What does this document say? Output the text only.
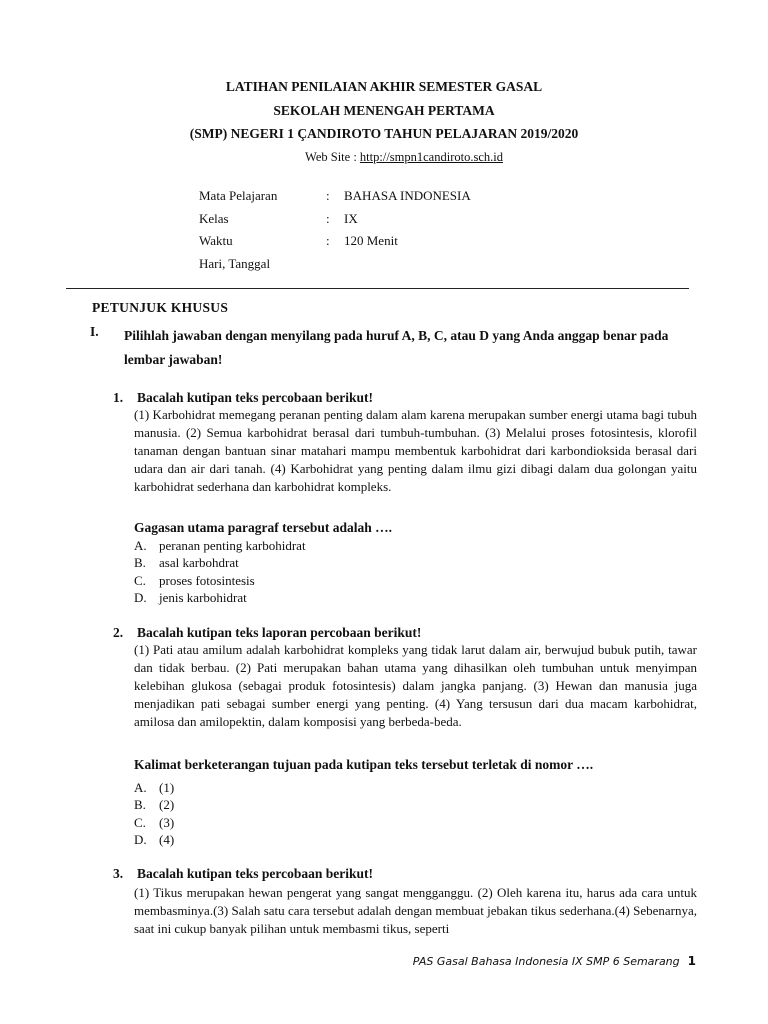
LATIHAN PENILAIAN AKHIR SEMESTER GASAL
SEKOLAH MENENGAH PERTAMA
(SMP) NEGERI 1 ÇANDIROTO TAHUN PELAJARAN 2019/2020
Web Site : http://smpn1candiroto.sch.id
Mata Pelajaran	: BAHASA INDONESIA
Kelas	: IX
Waktu	: 120 Menit
Hari, Tanggal
PETUNJUK KHUSUS
I. Pilihlah jawaban dengan menyilang pada huruf A, B, C, atau D yang Anda anggap benar pada lembar jawaban!
1. Bacalah kutipan teks percobaan berikut!
(1) Karbohidrat memegang peranan penting dalam alam karena merupakan sumber energi utama bagi tubuh manusia. (2) Semua karbohidrat berasal dari tumbuh-tumbuhan. (3) Melalui proses fotosintesis, klorofil tanaman dengan bantuan sinar matahari mampu membentuk karbohidrat dari karbondioksida berasal dari udara dan air dari tanah. (4) Karbohidrat yang penting dalam ilmu gizi dibagi dalam dua golongan yaitu karbohidrat sederhana dan karbohidrat kompleks.
Gagasan utama paragraf tersebut adalah ….
A. peranan penting karbohidrat
B. asal karbohdrat
C. proses fotosintesis
D. jenis karbohidrat
2. Bacalah kutipan teks laporan percobaan berikut!
(1) Pati atau amilum adalah karbohidrat kompleks yang tidak larut dalam air, berwujud bubuk putih, tawar dan tidak berbau. (2) Pati merupakan bahan utama yang dihasilkan oleh tumbuhan untuk menyimpan kelebihan glukosa (sebagai produk fotosintesis) dalam jangka panjang. (3) Hewan dan manusia juga menjadikan pati sebagai sumber energi yang penting. (4) Yang tersusun dari dua macam karbohidrat, amilosa dan amilopektin, dalam komposisi yang berbeda-beda.
Kalimat berketerangan tujuan pada kutipan teks tersebut terletak di nomor ….
A. (1)
B. (2)
C. (3)
D. (4)
3. Bacalah kutipan teks percobaan berikut!
(1) Tikus merupakan hewan pengerat yang sangat mengganggu. (2) Oleh karena itu, harus ada cara untuk membasminya.(3) Salah satu cara tersebut adalah dengan membuat jebakan tikus sederhana.(4) Sebenarnya, saat ini cukup banyak pilihan untuk membasmi tikus, seperti
PAS Gasal Bahasa Indonesia IX SMP 6 Semarang 1
